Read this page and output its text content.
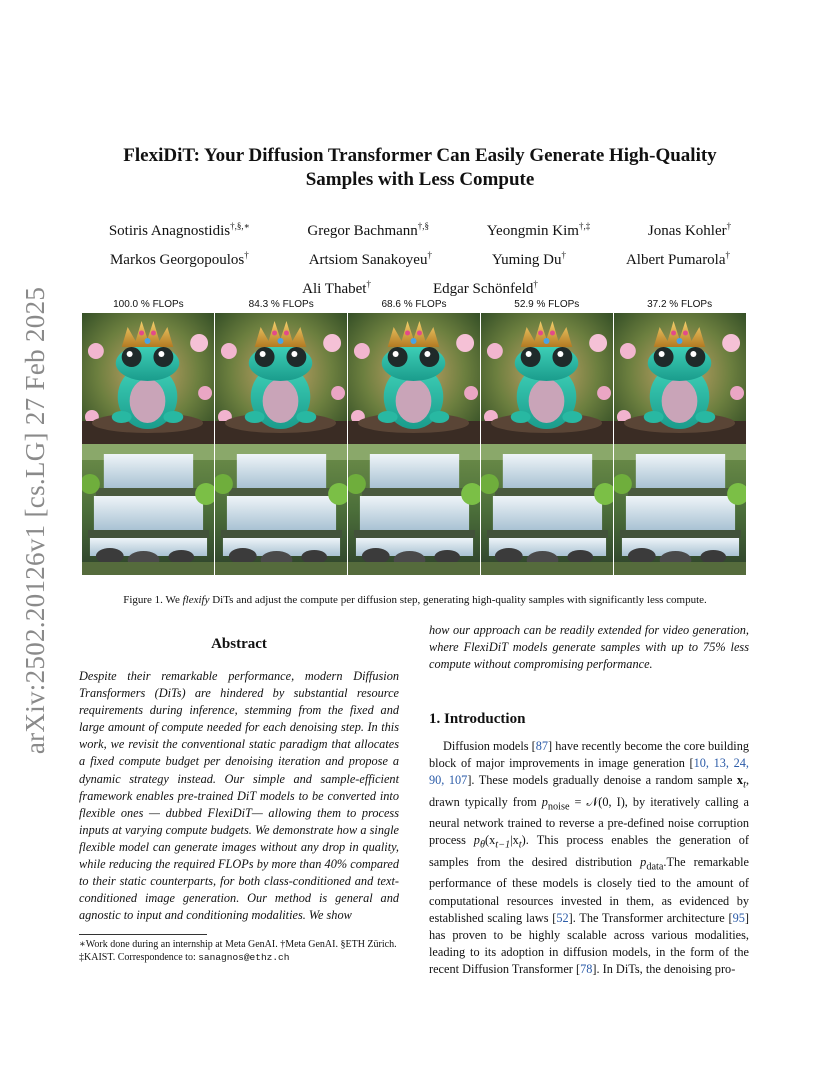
arXiv:2502.20126v1 [cs.LG] 27 Feb 2025
FlexiDiT: Your Diffusion Transformer Can Easily Generate High-Quality Samples with Less Compute
Sotiris Anagnostidis†,§,∗	Gregor Bachmann†,§	Yeongmin Kim†,‡	Jonas Kohler†
Markos Georgopoulos†	Artsiom Sanakoyeu†	Yuming Du†	Albert Pumarola†
Ali Thabet†	Edgar Schönfeld†
100.0 % FLOPs	84.3 % FLOPs	68.6 % FLOPs	52.9 % FLOPs	37.2 % FLOPs
Figure 1. We flexify DiTs and adjust the compute per diffusion step, generating high-quality samples with significantly less compute.
Abstract

Despite their remarkable performance, modern Diffusion Transformers (DiTs) are hindered by substantial resource requirements during inference, stemming from the fixed and large amount of compute needed for each denoising step. In this work, we revisit the conventional static paradigm that allocates a fixed compute budget per denoising iteration and propose a dynamic strategy instead. Our simple and sample-efficient framework enables pre-trained DiT models to be converted into flexible ones — dubbed FlexiDiT— allowing them to process inputs at varying compute budgets. We demonstrate how a single flexible model can generate images without any drop in quality, while reducing the required FLOPs by more than 40% compared to their static counterparts, for both class-conditioned and text-conditioned image generation. Our method is general and agnostic to input and conditioning modalities. We show

how our approach can be readily extended for video generation, where FlexiDiT models generate samples with up to 75% less compute without compromising performance.

∗Work done during an internship at Meta GenAI. †Meta GenAI. §ETH Zürich. ‡KAIST. Correspondence to: sanagnos@ethz.ch
1. Introduction

Diffusion models [87] have recently become the core building block of major improvements in image generation [10, 13, 24, 90, 107]. These models gradually denoise a random sample $x_t$, drawn typically from $p_{noise}$ = 𝒩(0, I), by iteratively calling a neural network trained to reverse a pre-defined noise corruption process $p_\theta(x_{t-1}|x_t)$. This process enables the generation of samples from the desired distribution $p_{data}.The$ remarkable performance of these models is closely tied to the amount of computational resources invested in them, as evidenced by established scaling laws [52]. The Transformer architecture [95] has proven to be highly scalable across various modalities, leading to its adoption in diffusion models, in the form of the recent Diffusion Transformer [78]. In DiTs, the denoising pro-
